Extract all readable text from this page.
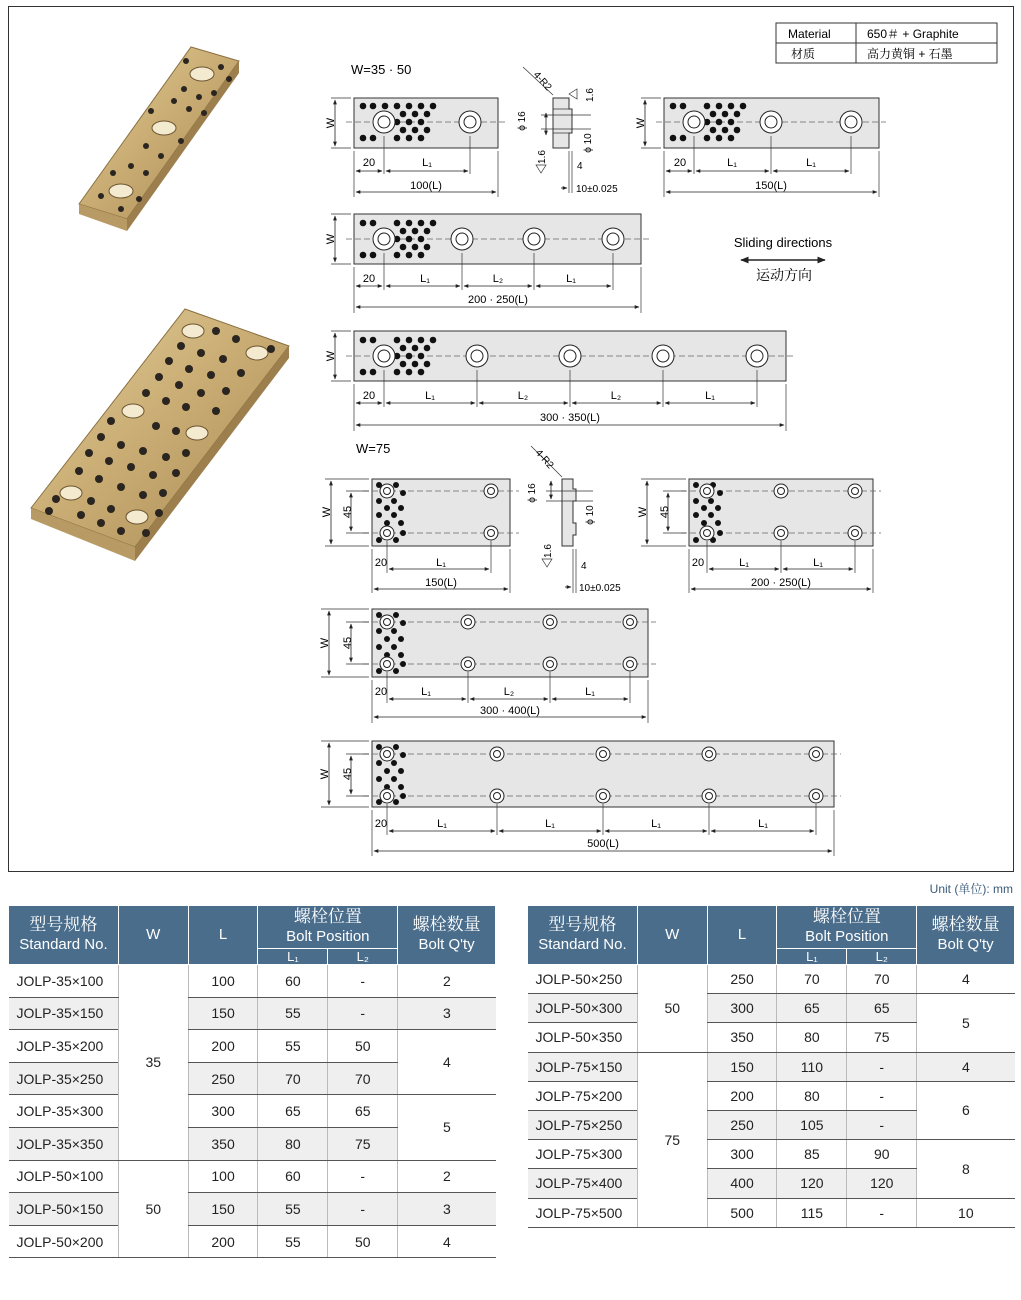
Material	650＃ + Graphite
材质	高力黄铜 + 石墨
W=35 · 50
W=75
Sliding directions
运动方向
W
20	L₁
100(L)
ϕ 16
ϕ 10
4-R2
1.6
1.6
4
10±0.025
W
20	L₁	L₁
150(L)
W
20	L₁	L₂	L₁
200 · 250(L)
W
20	L₁	L₂	L₂	L₁
300 · 350(L)
W 45
20	L₁
150(L)
ϕ 16
ϕ 10
4-R2
1.6
4
10±0.025
W 45
20	L₁	L₁
200 · 250(L)
W 45
20	L₁	L₂	L₁
300 · 400(L)
W 45
20	L₁	L₁	L₁	L₁
500(L)
Unit (单位): mm
型号规格
Standard No.	W	L	螺栓位置
Bolt Position		螺栓数量
Bolt Q'ty

			L₁	L₂	
JOLP-35×100	35	100	60	-	2
JOLP-35×150		150	55	-	3
JOLP-35×200		200	55	50	4
JOLP-35×250		250	70	70	
JOLP-35×300		300	65	65	5
JOLP-35×350		350	80	75	
JOLP-50×100	50	100	60	-	2
JOLP-50×150		150	55	-	3
JOLP-50×200		200	55	50	4
型号规格
Standard No.	W	L	螺栓位置
Bolt Position		螺栓数量
Bolt Q'ty

			L₁	L₂	
JOLP-50×250	50	250	70	70	4
JOLP-50×300		300	65	65	5
JOLP-50×350		350	80	75	
JOLP-75×150	75	150	110	-	4
JOLP-75×200		200	80	-	6
JOLP-75×250		250	105	-	
JOLP-75×300		300	85	90	8
JOLP-75×400		400	120	120	
JOLP-75×500		500	115	-	10
